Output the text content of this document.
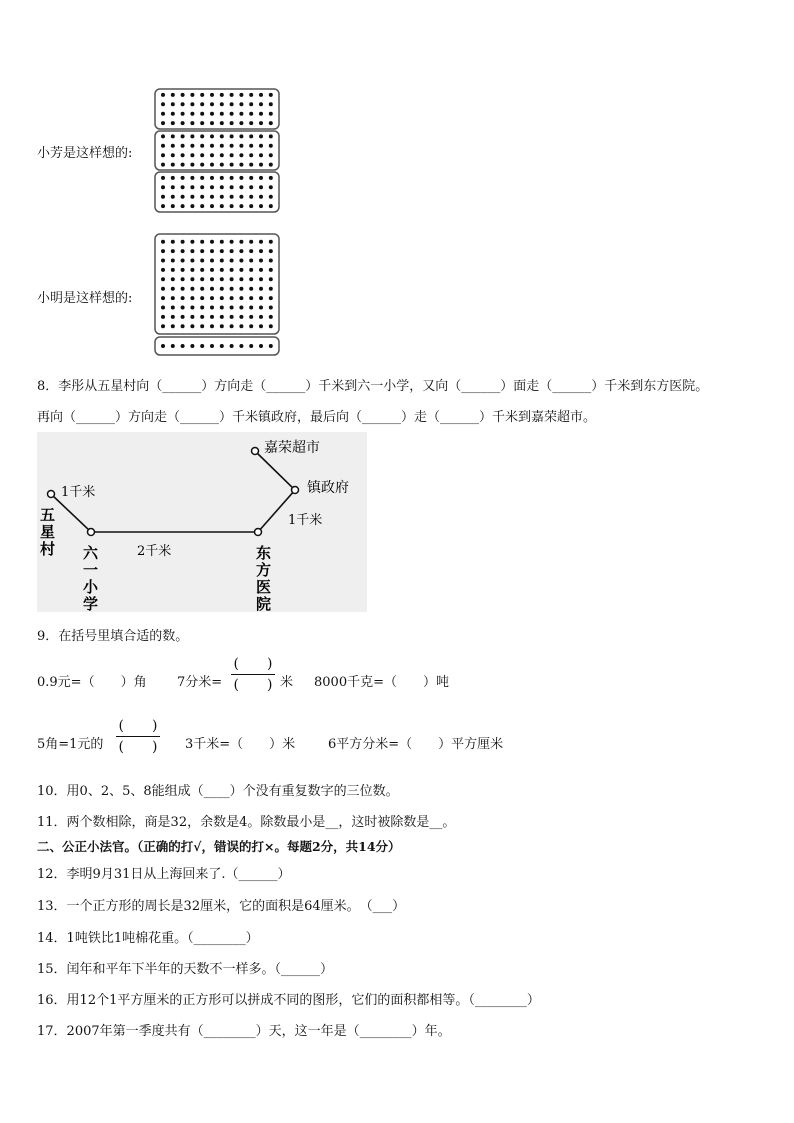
小芳是这样想的:
小明是这样想的:
8．李彤从五星村向（______）方向走（______）千米到六一小学，又向（______）面走（______）千米到东方医院。
再向（______）方向走（______）千米镇政府，最后向（______）走（______）千米到嘉荣超市。
嘉荣超市
镇政府
1千米
1千米
2千米
五
星
村 六
一
小
学
东
方
医
院
9．在括号里填合适的数。
0.9元=（　　）角 7分米=
(　　)
(　　) 米 8000千克=（　　）吨
5角=1元的
(　　)
(　　)	3千米=（　　）米	6平方分米=（　　）平方厘米
10．用0、2、5、8能组成（____）个没有重复数字的三位数。
11．两个数相除，商是32，余数是4。除数最小是__，这时被除数是__。
二、公正小法官。（正确的打√，错误的打×。每题2分，共14分）
12．李明9月31日从上海回来了.（______）
13．一个正方形的周长是32厘米，它的面积是64厘米。　（___）
14．1吨铁比1吨棉花重。（________）
15．闰年和平年下半年的天数不一样多。（______）
16．用12个1平方厘米的正方形可以拼成不同的图形，它们的面积都相等。（________）
17．2007年第一季度共有（________）天，这一年是（________）年。
